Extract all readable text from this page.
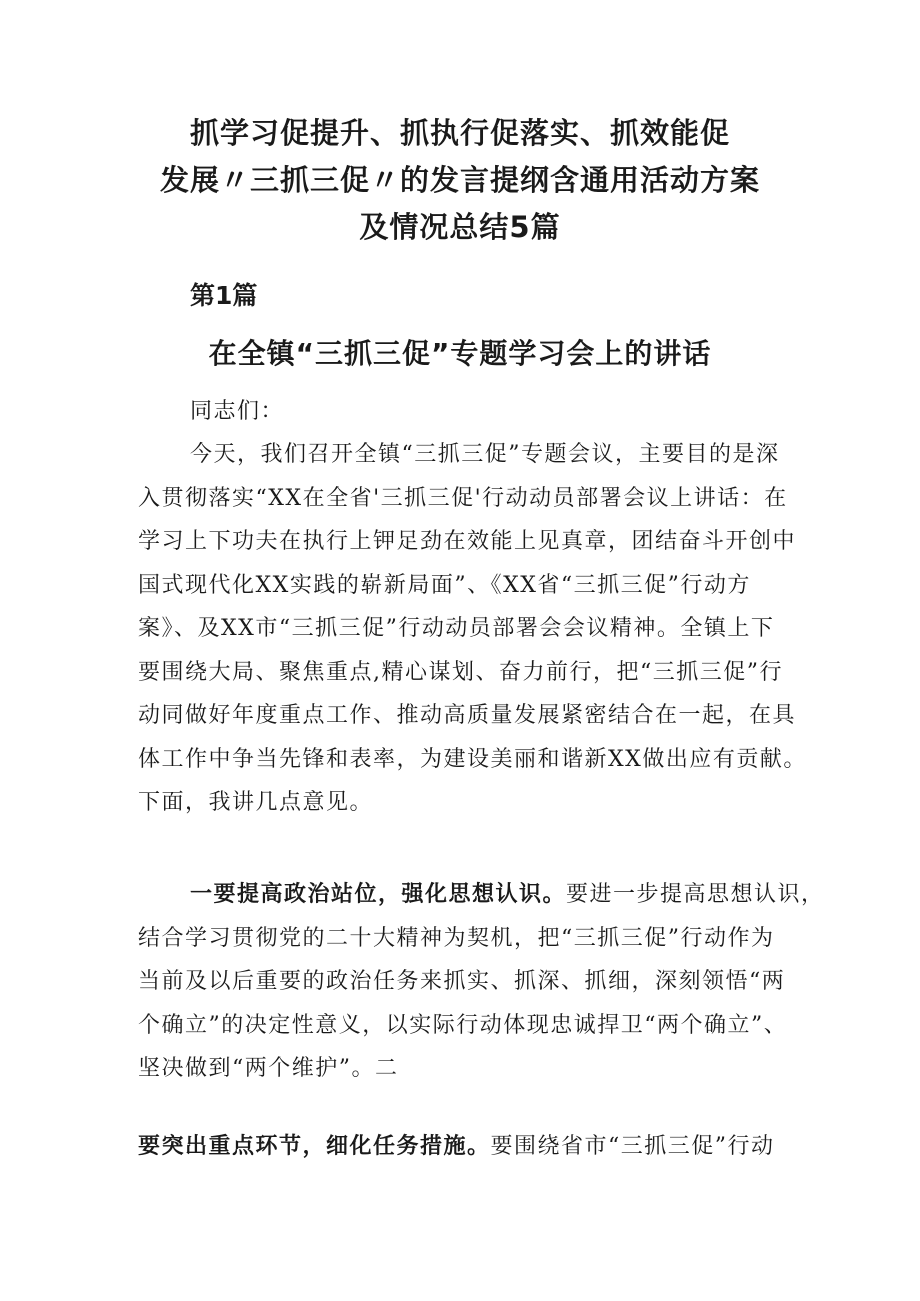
抓学习促提升、抓执行促落实、抓效能促
发展〃三抓三促〃的发言提纲含通用活动方案
及情况总结5篇
第1篇
在全镇“三抓三促”专题学习会上的讲话
同志们：
今天，我们召开全镇“三抓三促”专题会议，主要目的是深
入贯彻落实“XX在全省'三抓三促'行动动员部署会议上讲话：在
学习上下功夫在执行上钾足劲在效能上见真章，团结奋斗开创中
国式现代化XX实践的崭新局面”、《XX省“三抓三促”行动方
案》、及XX市“三抓三促”行动动员部署会会议精神。全镇上下
要围绕大局、聚焦重点,精心谋划、奋力前行，把“三抓三促”行
动同做好年度重点工作、推动高质量发展紧密结合在一起，在具
体工作中争当先锋和表率，为建设美丽和谐新XX做出应有贡献。
下面，我讲几点意见。
一要提高政治站位，强化思想认识。要进一步提高思想认识，
结合学习贯彻党的二十大精神为契机，把“三抓三促”行动作为
当前及以后重要的政治任务来抓实、抓深、抓细，深刻领悟“两
个确立”的决定性意义，以实际行动体现忠诚捍卫“两个确立”、
坚决做到“两个维护”。二
要突出重点环节，细化任务措施。要围绕省市“三抓三促”行动
